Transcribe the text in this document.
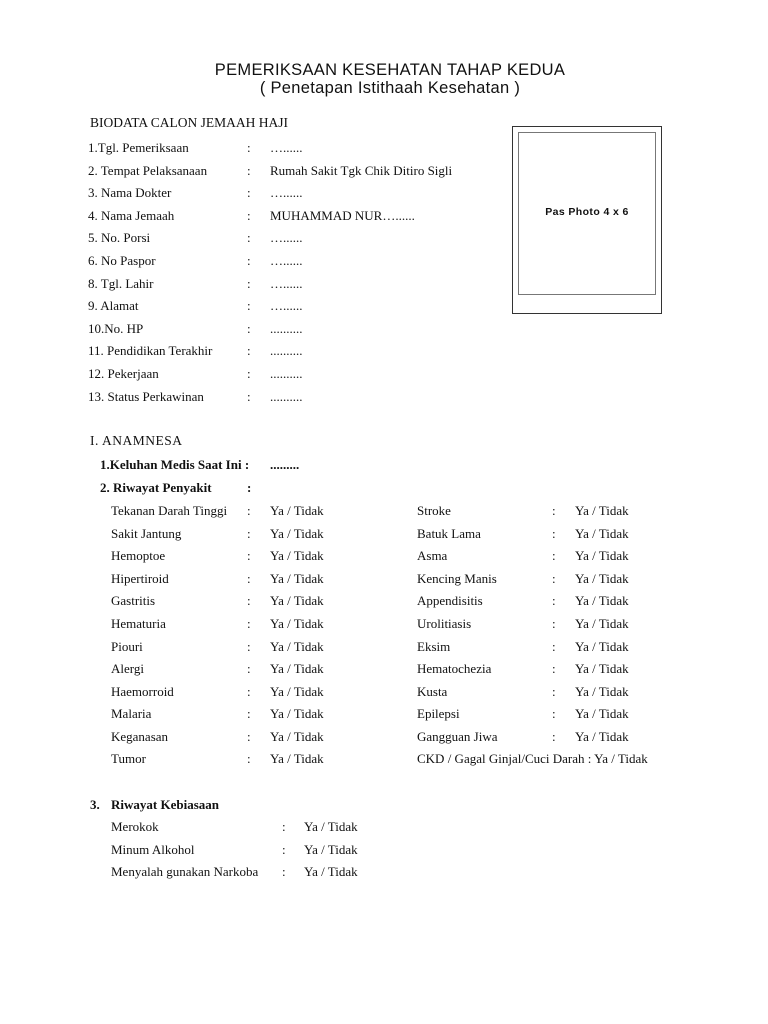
PEMERIKSAAN KESEHATAN TAHAP KEDUA
( Penetapan Istithaah Kesehatan )
BIODATA CALON JEMAAH HAJI
Pas Photo 4 x 6
1.Tgl. Pemeriksaan	: …......
2. Tempat Pelaksanaan	: Rumah Sakit Tgk Chik Ditiro Sigli
3. Nama Dokter	: …......
4. Nama Jemaah	: MUHAMMAD NUR…......
5. No. Porsi	: …......
6. No Paspor	: …......
8. Tgl. Lahir	: …......
9. Alamat	: …......
10.No. HP	: ..........
11. Pendidikan Terakhir	: ..........
12. Pekerjaan	: ..........
13. Status Perkawinan	: ..........
I. ANAMNESA
1.Keluhan Medis Saat Ini : .........
2. Riwayat Penyakit	:
Tekanan Darah Tinggi : Ya / Tidak	Stroke	: Ya / Tidak
Sakit Jantung	: Ya / Tidak	Batuk Lama	: Ya / Tidak
Hemoptoe	: Ya / Tidak	Asma	: Ya / Tidak
Hipertiroid	: Ya / Tidak	Kencing Manis	: Ya / Tidak
Gastritis	: Ya / Tidak	Appendisitis	: Ya / Tidak
Hematuria	: Ya / Tidak	Urolitiasis	: Ya / Tidak
Piouri	: Ya / Tidak	Eksim	: Ya / Tidak
Alergi	: Ya / Tidak	Hematochezia	: Ya / Tidak
Haemorroid	: Ya / Tidak	Kusta	: Ya / Tidak
Malaria	: Ya / Tidak	Epilepsi	: Ya / Tidak
Keganasan	: Ya / Tidak	Gangguan Jiwa	: Ya / Tidak
Tumor	: Ya / Tidak	CKD / Gagal Ginjal/Cuci Darah : Ya / Tidak
3. Riwayat Kebiasaan
Merokok	: Ya / Tidak
Minum Alkohol	: Ya / Tidak
Menyalah gunakan Narkoba : Ya / Tidak
